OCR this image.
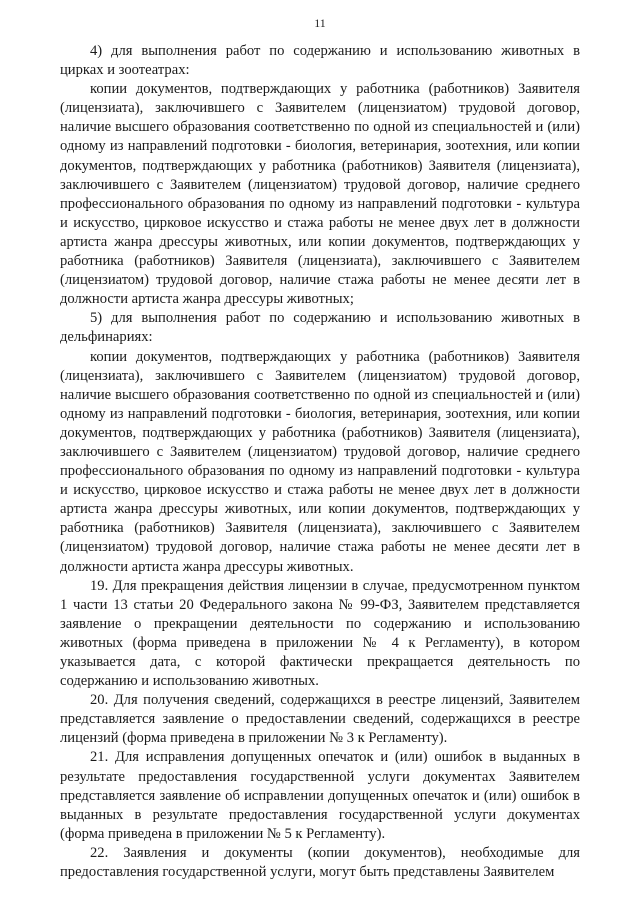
11

4) для выполнения работ по содержанию и использованию животных в цирках и зоотеатрах:

копии документов, подтверждающих у работника (работников) Заявителя (лицензиата), заключившего с Заявителем (лицензиатом) трудовой договор, наличие высшего образования соответственно по одной из специальностей и (или) одному из направлений подготовки - биология, ветеринария, зоотехния, или копии документов, подтверждающих у работника (работников) Заявителя (лицензиата), заключившего с Заявителем (лицензиатом) трудовой договор, наличие среднего профессионального образования по одному из направлений подготовки - культура и искусство, цирковое искусство и стажа работы не менее двух лет в должности артиста жанра дрессуры животных, или копии документов, подтверждающих у работника (работников) Заявителя (лицензиата), заключившего с Заявителем (лицензиатом) трудовой договор, наличие стажа работы не менее десяти лет в должности артиста жанра дрессуры животных;

5) для выполнения работ по содержанию и использованию животных в дельфинариях:

копии документов, подтверждающих у работника (работников) Заявителя (лицензиата), заключившего с Заявителем (лицензиатом) трудовой договор, наличие высшего образования соответственно по одной из специальностей и (или) одному из направлений подготовки - биология, ветеринария, зоотехния, или копии документов, подтверждающих у работника (работников) Заявителя (лицензиата), заключившего с Заявителем (лицензиатом) трудовой договор, наличие среднего профессионального образования по одному из направлений подготовки - культура и искусство, цирковое искусство и стажа работы не менее двух лет в должности артиста жанра дрессуры животных, или копии документов, подтверждающих у работника (работников) Заявителя (лицензиата), заключившего с Заявителем (лицензиатом) трудовой договор, наличие стажа работы не менее десяти лет в должности артиста жанра дрессуры животных.

19. Для прекращения действия лицензии в случае, предусмотренном пунктом 1 части 13 статьи 20 Федерального закона № 99-ФЗ, Заявителем представляется заявление о прекращении деятельности по содержанию и использованию животных (форма приведена в приложении № 4 к Регламенту), в котором указывается дата, с которой фактически прекращается деятельность по содержанию и использованию животных.

20. Для получения сведений, содержащихся в реестре лицензий, Заявителем представляется заявление о предоставлении сведений, содержащихся в реестре лицензий (форма приведена в приложении № 3 к Регламенту).

21. Для исправления допущенных опечаток и (или) ошибок в выданных в результате предоставления государственной услуги документах Заявителем представляется заявление об исправлении допущенных опечаток и (или) ошибок в выданных в результате предоставления государственной услуги документах (форма приведена в приложении № 5 к Регламенту).

22. Заявления и документы (копии документов), необходимые для предоставления государственной услуги, могут быть представлены Заявителем
